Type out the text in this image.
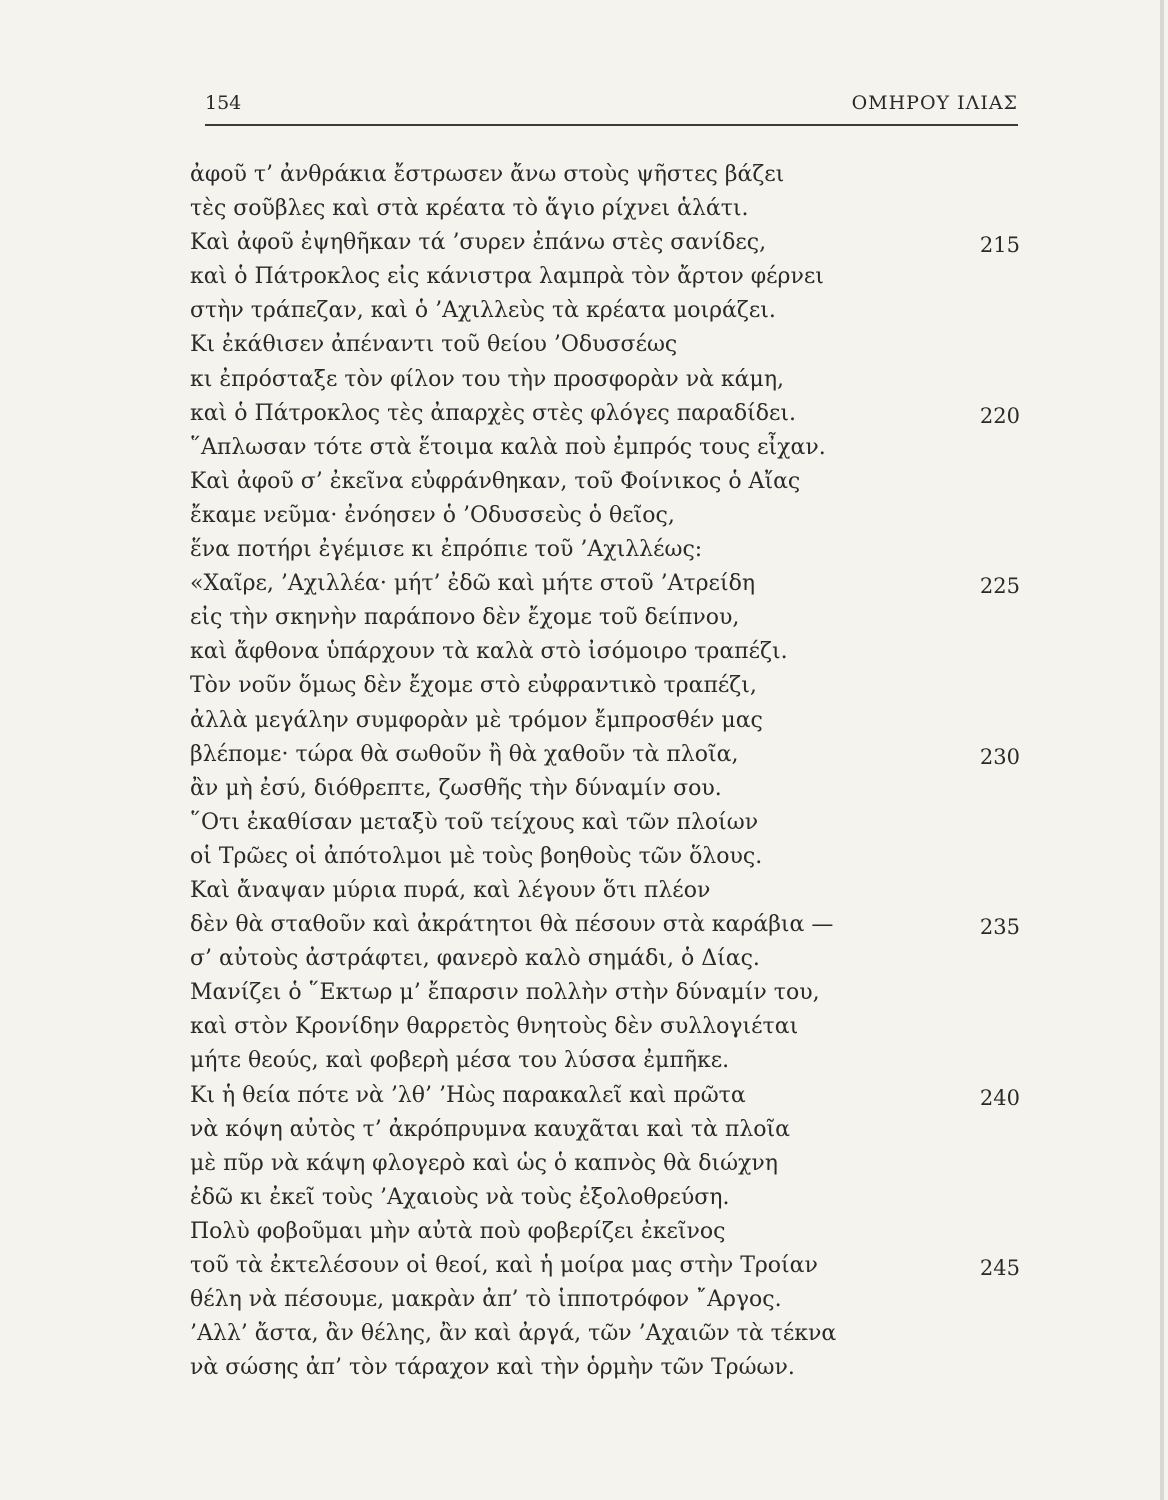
154	ΟΜΗΡΟΥ ΙΛΙΑΣ
ἀφοῦ τ’ ἀνθράκια ἔστρωσεν ἄνω στοὺς ψῆστες βάζει
τὲς σοῦβλες καὶ στὰ κρέατα τὸ ἅγιο ρίχνει ἁλάτι.
Καὶ ἀφοῦ ἐψηθῆκαν τά ’συρεν ἐπάνω στὲς σανίδες,	215
καὶ ὁ Πάτροκλος εἰς κάνιστρα λαμπρὰ τὸν ἄρτον φέρνει
στὴν τράπεζαν, καὶ ὁ ’Αχιλλεὺς τὰ κρέατα μοιράζει.
Κι ἐκάθισεν ἀπέναντι τοῦ θείου ’Οδυσσέως
κι ἐπρόσταξε τὸν φίλον του τὴν προσφορὰν νὰ κάμη,
καὶ ὁ Πάτροκλος τὲς ἀπαρχὲς στὲς φλόγες παραδίδει.	220
῞Απλωσαν τότε στὰ ἕτοιμα καλὰ ποὺ ἐμπρός τους εἶχαν.
Καὶ ἀφοῦ σ’ ἐκεῖνα εὐφράνθηκαν, τοῦ Φοίνικος ὁ Αἴας
ἔκαμε νεῦμα· ἐνόησεν ὁ ’Οδυσσεὺς ὁ θεῖος,
ἕνα ποτήρι ἐγέμισε κι ἐπρόπιε τοῦ ’Αχιλλέως:
«Χαῖρε, ’Αχιλλέα· μήτ’ ἐδῶ καὶ μήτε στοῦ ’Ατρείδη	225
εἰς τὴν σκηνὴν παράπονο δὲν ἔχομε τοῦ δείπνου,
καὶ ἄφθονα ὑπάρχουν τὰ καλὰ στὸ ἰσόμοιρο τραπέζι.
Τὸν νοῦν ὅμως δὲν ἔχομε στὸ εὐφραντικὸ τραπέζι,
ἀλλὰ μεγάλην συμφορὰν μὲ τρόμον ἔμπροσθέν μας
βλέπομε· τώρα θὰ σωθοῦν ἢ θὰ χαθοῦν τὰ πλοῖα,	230
ἂν μὴ ἐσύ, διόθρεπτε, ζωσθῆς τὴν δύναμίν σου.
῞Οτι ἐκαθίσαν μεταξὺ τοῦ τείχους καὶ τῶν πλοίων
οἱ Τρῶες οἱ ἀπότολμοι μὲ τοὺς βοηθοὺς τῶν ὅλους.
Καὶ ἄναψαν μύρια πυρά, καὶ λέγουν ὅτι πλέον
δὲν θὰ σταθοῦν καὶ ἀκράτητοι θὰ πέσουν στὰ καράβια —	235
σ’ αὐτοὺς ἀστράφτει, φανερὸ καλὸ σημάδι, ὁ Δίας.
Μανίζει ὁ ῞Εκτωρ μ’ ἔπαρσιν πολλὴν στὴν δύναμίν του,
καὶ στὸν Κρονίδην θαρρετὸς θνητοὺς δὲν συλλογιέται
μήτε θεούς, καὶ φοβερὴ μέσα του λύσσα ἐμπῆκε.
Κι ἡ θεία πότε νὰ ’λθ’ ’Ηὼς παρακαλεῖ καὶ πρῶτα	240
νὰ κόψη αὐτὸς τ’ ἀκρόπρυμνα καυχᾶται καὶ τὰ πλοῖα
μὲ πῦρ νὰ κάψη φλογερὸ καὶ ὡς ὁ καπνὸς θὰ διώχνη
ἐδῶ κι ἐκεῖ τοὺς ’Αχαιοὺς νὰ τοὺς ἐξολοθρεύση.
Πολὺ φοβοῦμαι μὴν αὐτὰ ποὺ φοβερίζει ἐκεῖνος
τοῦ τὰ ἐκτελέσουν οἱ θεοί, καὶ ἡ μοίρα μας στὴν Τροίαν	245
θέλη νὰ πέσουμε, μακρὰν ἀπ’ τὸ ἱπποτρόφον ῎Αργος.
’Αλλ’ ἄστα, ἂν θέλης, ἂν καὶ ἀργά, τῶν ’Αχαιῶν τὰ τέκνα
νὰ σώσης ἀπ’ τὸν τάραχον καὶ τὴν ὁρμὴν τῶν Τρώων.
